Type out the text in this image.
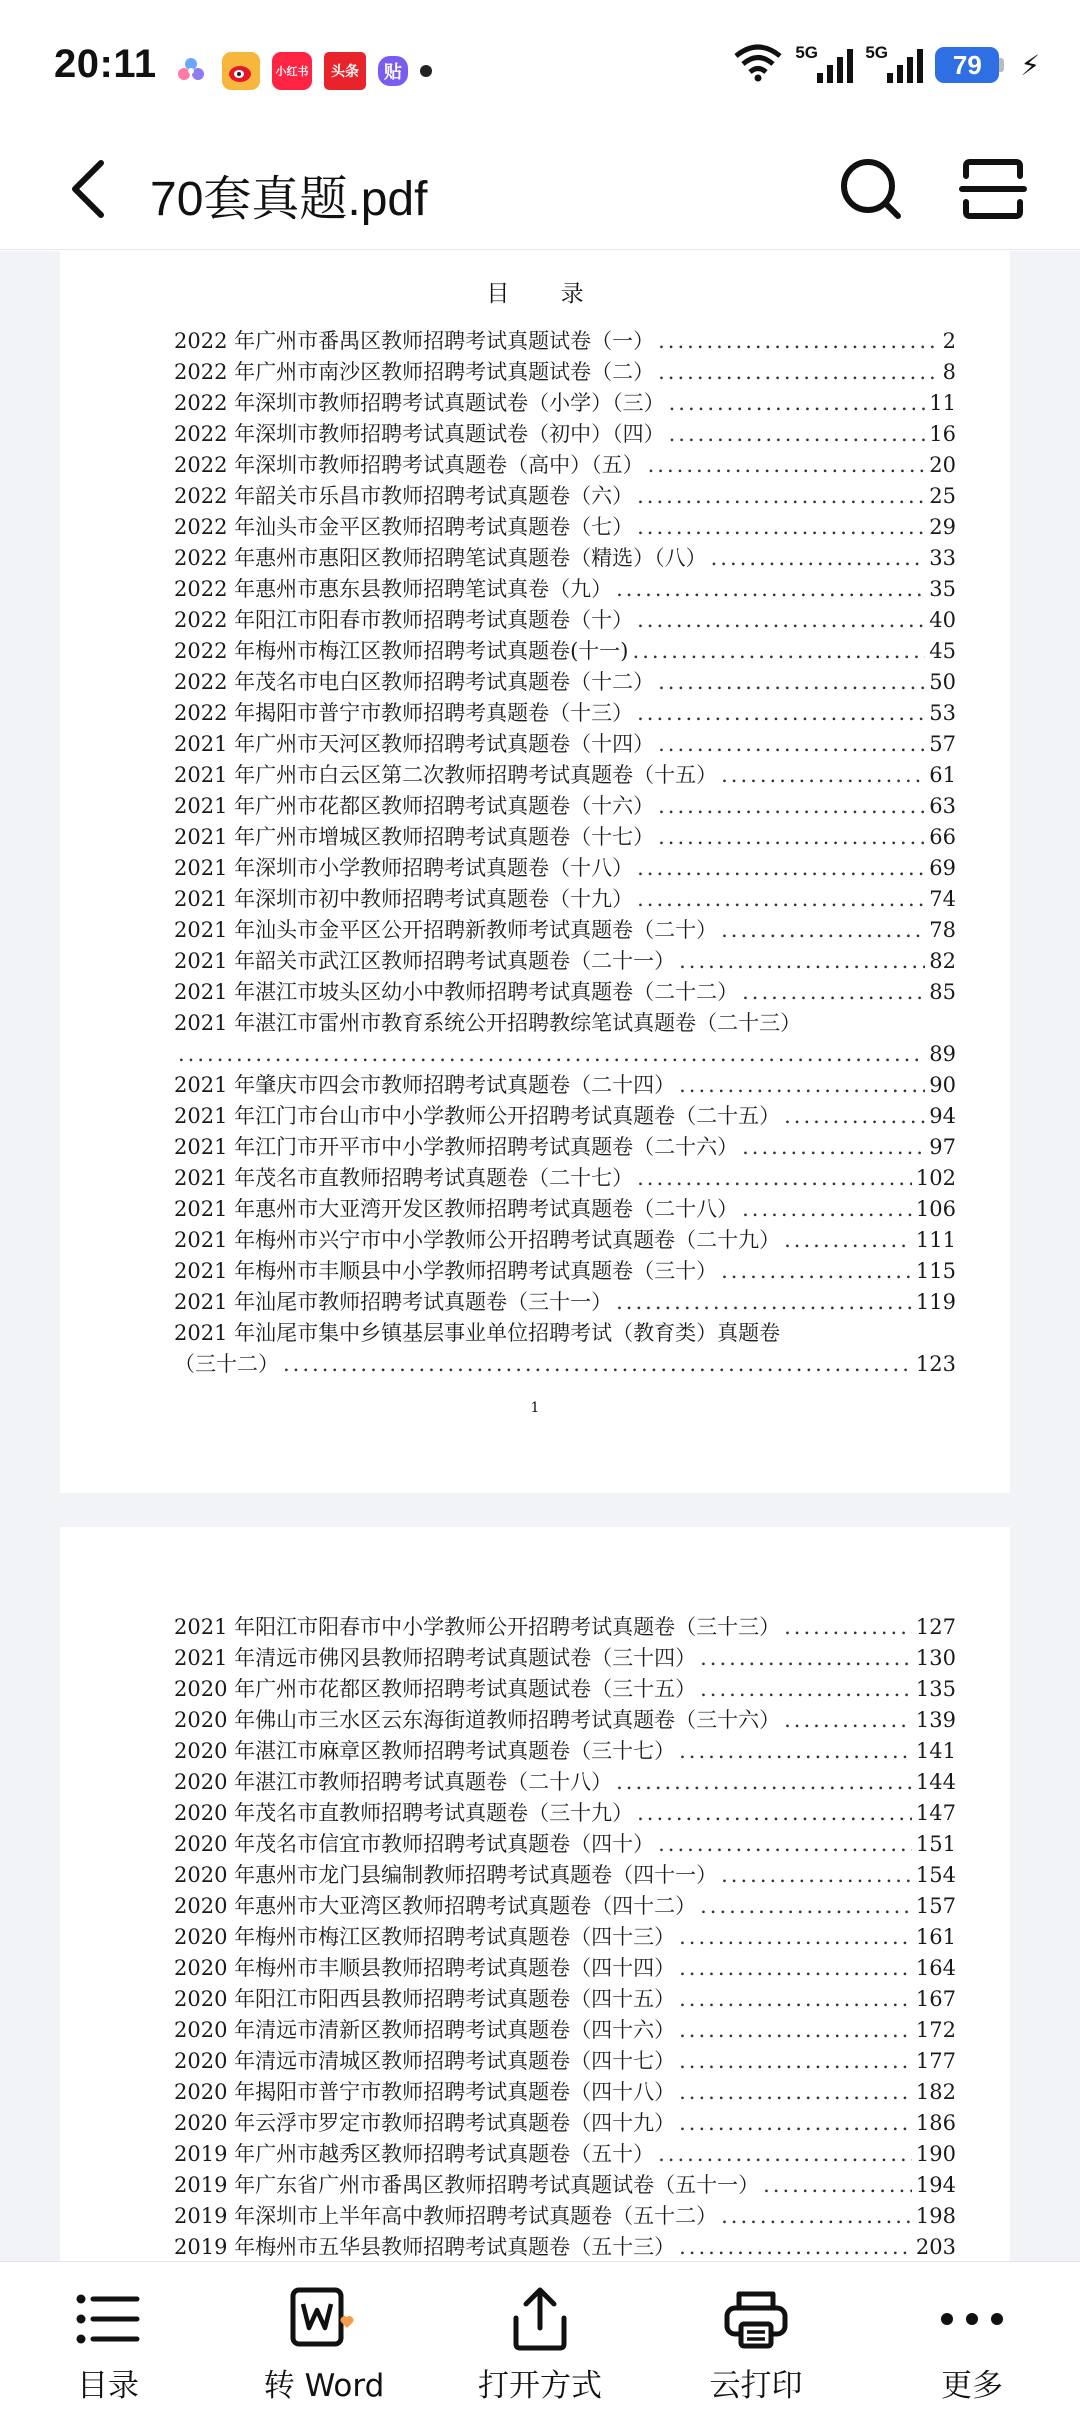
20:11	小红书	头条	贴
5G	5G	79	⚡
70套真题.pdf
目 录
2022 年广州市番禺区教师招聘考试真题试卷（一） .....	2
2022 年广州市南沙区教师招聘考试真题试卷（二） .....	8
2022 年深圳市教师招聘考试真题试卷（小学）（三） .....	11
2022 年深圳市教师招聘考试真题试卷（初中）（四） .....	16
2022 年深圳市教师招聘考试真题卷（高中）（五） .....	20
2022 年韶关市乐昌市教师招聘考试真题卷（六） .....	25
2022 年汕头市金平区教师招聘考试真题卷（七） .....	29
2022 年惠州市惠阳区教师招聘笔试真题卷（精选）（八） .....	33
2022 年惠州市惠东县教师招聘笔试真卷（九） .....	35
2022 年阳江市阳春市教师招聘考试真题卷（十） .....	40
2022 年梅州市梅江区教师招聘考试真题卷(十一) .....	45
2022 年茂名市电白区教师招聘考试真题卷（十二） .....	50
2022 年揭阳市普宁市教师招聘考真题卷（十三） .....	53
2021 年广州市天河区教师招聘考试真题卷（十四） .....	57
2021 年广州市白云区第二次教师招聘考试真题卷（十五） .....	61
2021 年广州市花都区教师招聘考试真题卷（十六） .....	63
2021 年广州市增城区教师招聘考试真题卷（十七） .....	66
2021 年深圳市小学教师招聘考试真题卷（十八） .....	69
2021 年深圳市初中教师招聘考试真题卷（十九） .....	74
2021 年汕头市金平区公开招聘新教师考试真题卷（二十） .....	78
2021 年韶关市武江区教师招聘考试真题卷（二十一） .....	82
2021 年湛江市坡头区幼小中教师招聘考试真题卷（二十二） .....	85
2021 年湛江市雷州市教育系统公开招聘教综笔试真题卷（二十三）
.....
89
2021 年肇庆市四会市教师招聘考试真题卷（二十四） .....	90
2021 年江门市台山市中小学教师公开招聘考试真题卷（二十五） .....	94
2021 年江门市开平市中小学教师招聘考试真题卷（二十六） .....	97
2021 年茂名市直教师招聘考试真题卷（二十七） .....	102
2021 年惠州市大亚湾开发区教师招聘考试真题卷（二十八） .....	106
2021 年梅州市兴宁市中小学教师公开招聘考试真题卷（二十九） .....	111
2021 年梅州市丰顺县中小学教师招聘考试真题卷（三十） .....	115
2021 年汕尾市教师招聘考试真题卷（三十一） .....	119
2021 年汕尾市集中乡镇基层事业单位招聘考试（教育类）真题卷
（三十二） .....	123
1
2021 年阳江市阳春市中小学教师公开招聘考试真题卷（三十三） .....	127
2021 年清远市佛冈县教师招聘考试真题试卷（三十四） .....	130
2020 年广州市花都区教师招聘考试真题试卷（三十五） .....	135
2020 年佛山市三水区云东海街道教师招聘考试真题卷（三十六） .....	139
2020 年湛江市麻章区教师招聘考试真题卷（三十七） .....	141
2020 年湛江市教师招聘考试真题卷（二十八） .....	144
2020 年茂名市直教师招聘考试真题卷（三十九） .....	147
2020 年茂名市信宜市教师招聘考试真题卷（四十） .....	151
2020 年惠州市龙门县编制教师招聘考试真题卷（四十一） .....	154
2020 年惠州市大亚湾区教师招聘考试真题卷（四十二） .....	157
2020 年梅州市梅江区教师招聘考试真题卷（四十三） .....	161
2020 年梅州市丰顺县教师招聘考试真题卷（四十四） .....	164
2020 年阳江市阳西县教师招聘考试真题卷（四十五） .....	167
2020 年清远市清新区教师招聘考试真题卷（四十六） .....	172
2020 年清远市清城区教师招聘考试真题卷（四十七） .....	177
2020 年揭阳市普宁市教师招聘考试真题卷（四十八） .....	182
2020 年云浮市罗定市教师招聘考试真题卷（四十九） .....	186
2019 年广州市越秀区教师招聘考试真题卷（五十） .....	190
2019 年广东省广州市番禺区教师招聘考试真题试卷（五十一） .....	194
2019 年深圳市上半年高中教师招聘考试真题卷（五十二） .....	198
2019 年梅州市五华县教师招聘考试真题卷（五十三） .....	203
目录	转 Word	打开方式	云打印	更多
